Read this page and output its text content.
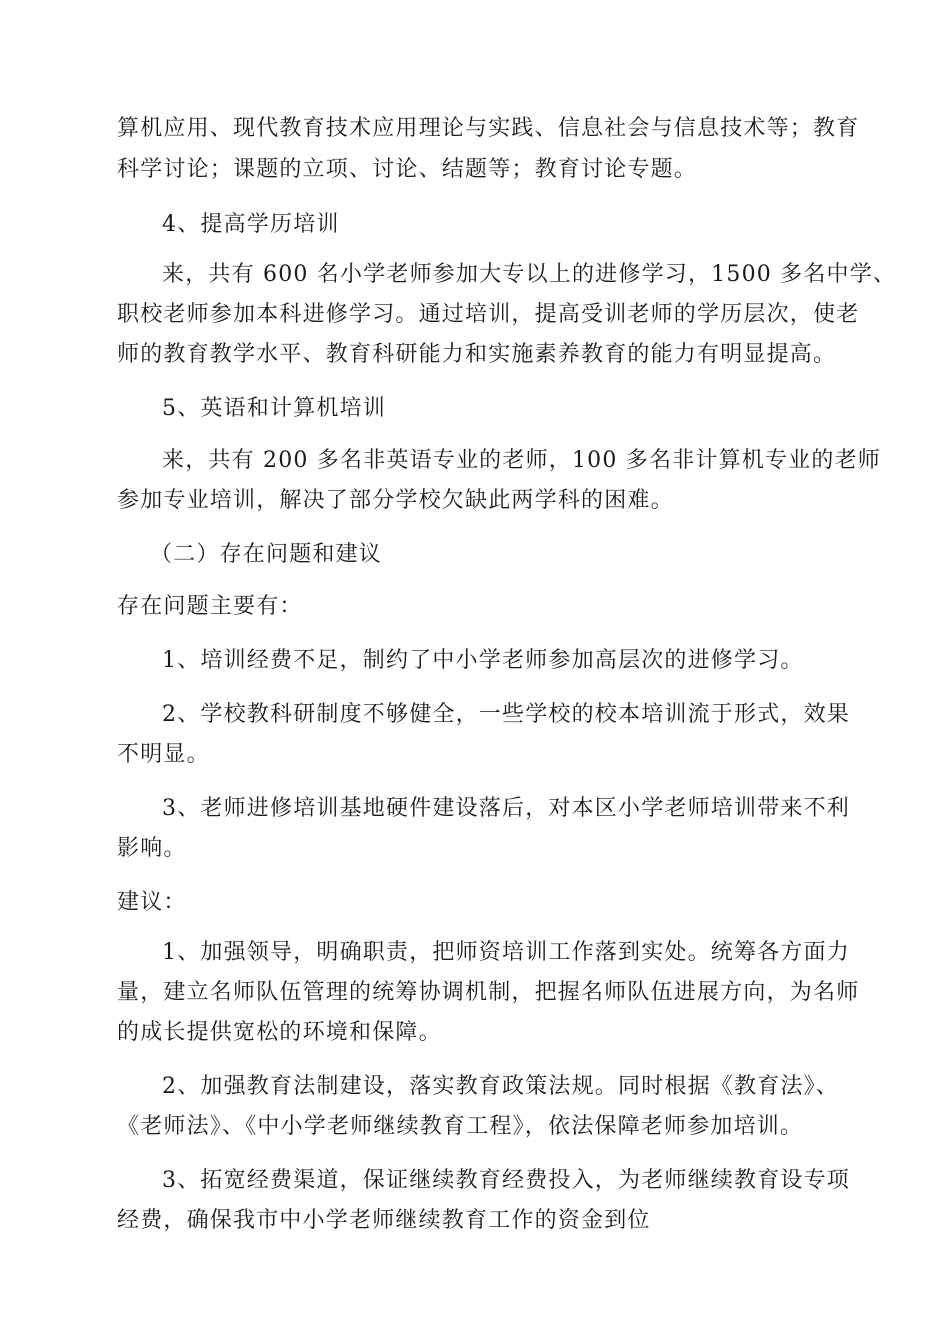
算机应用、现代教育技术应用理论与实践、信息社会与信息技术等；教育
科学讨论；课题的立项、讨论、结题等；教育讨论专题。
4、提高学历培训
来，共有 600 名小学老师参加大专以上的进修学习，1500 多名中学、
职校老师参加本科进修学习。通过培训，提高受训老师的学历层次，使老
师的教育教学水平、教育科研能力和实施素养教育的能力有明显提高。
5、英语和计算机培训
来，共有 200 多名非英语专业的老师，100 多名非计算机专业的老师
参加专业培训，解决了部分学校欠缺此两学科的困难。
（二）存在问题和建议
存在问题主要有：
1、培训经费不足，制约了中小学老师参加高层次的进修学习。
2、学校教科研制度不够健全，一些学校的校本培训流于形式，效果
不明显。
3、老师进修培训基地硬件建设落后，对本区小学老师培训带来不利
影响。
建议：
1、加强领导，明确职责，把师资培训工作落到实处。统筹各方面力
量，建立名师队伍管理的统筹协调机制，把握名师队伍进展方向，为名师
的成长提供宽松的环境和保障。
2、加强教育法制建设，落实教育政策法规。同时根据《教育法》、
《老师法》、《中小学老师继续教育工程》，依法保障老师参加培训。
3、拓宽经费渠道，保证继续教育经费投入，为老师继续教育设专项
经费，确保我市中小学老师继续教育工作的资金到位
